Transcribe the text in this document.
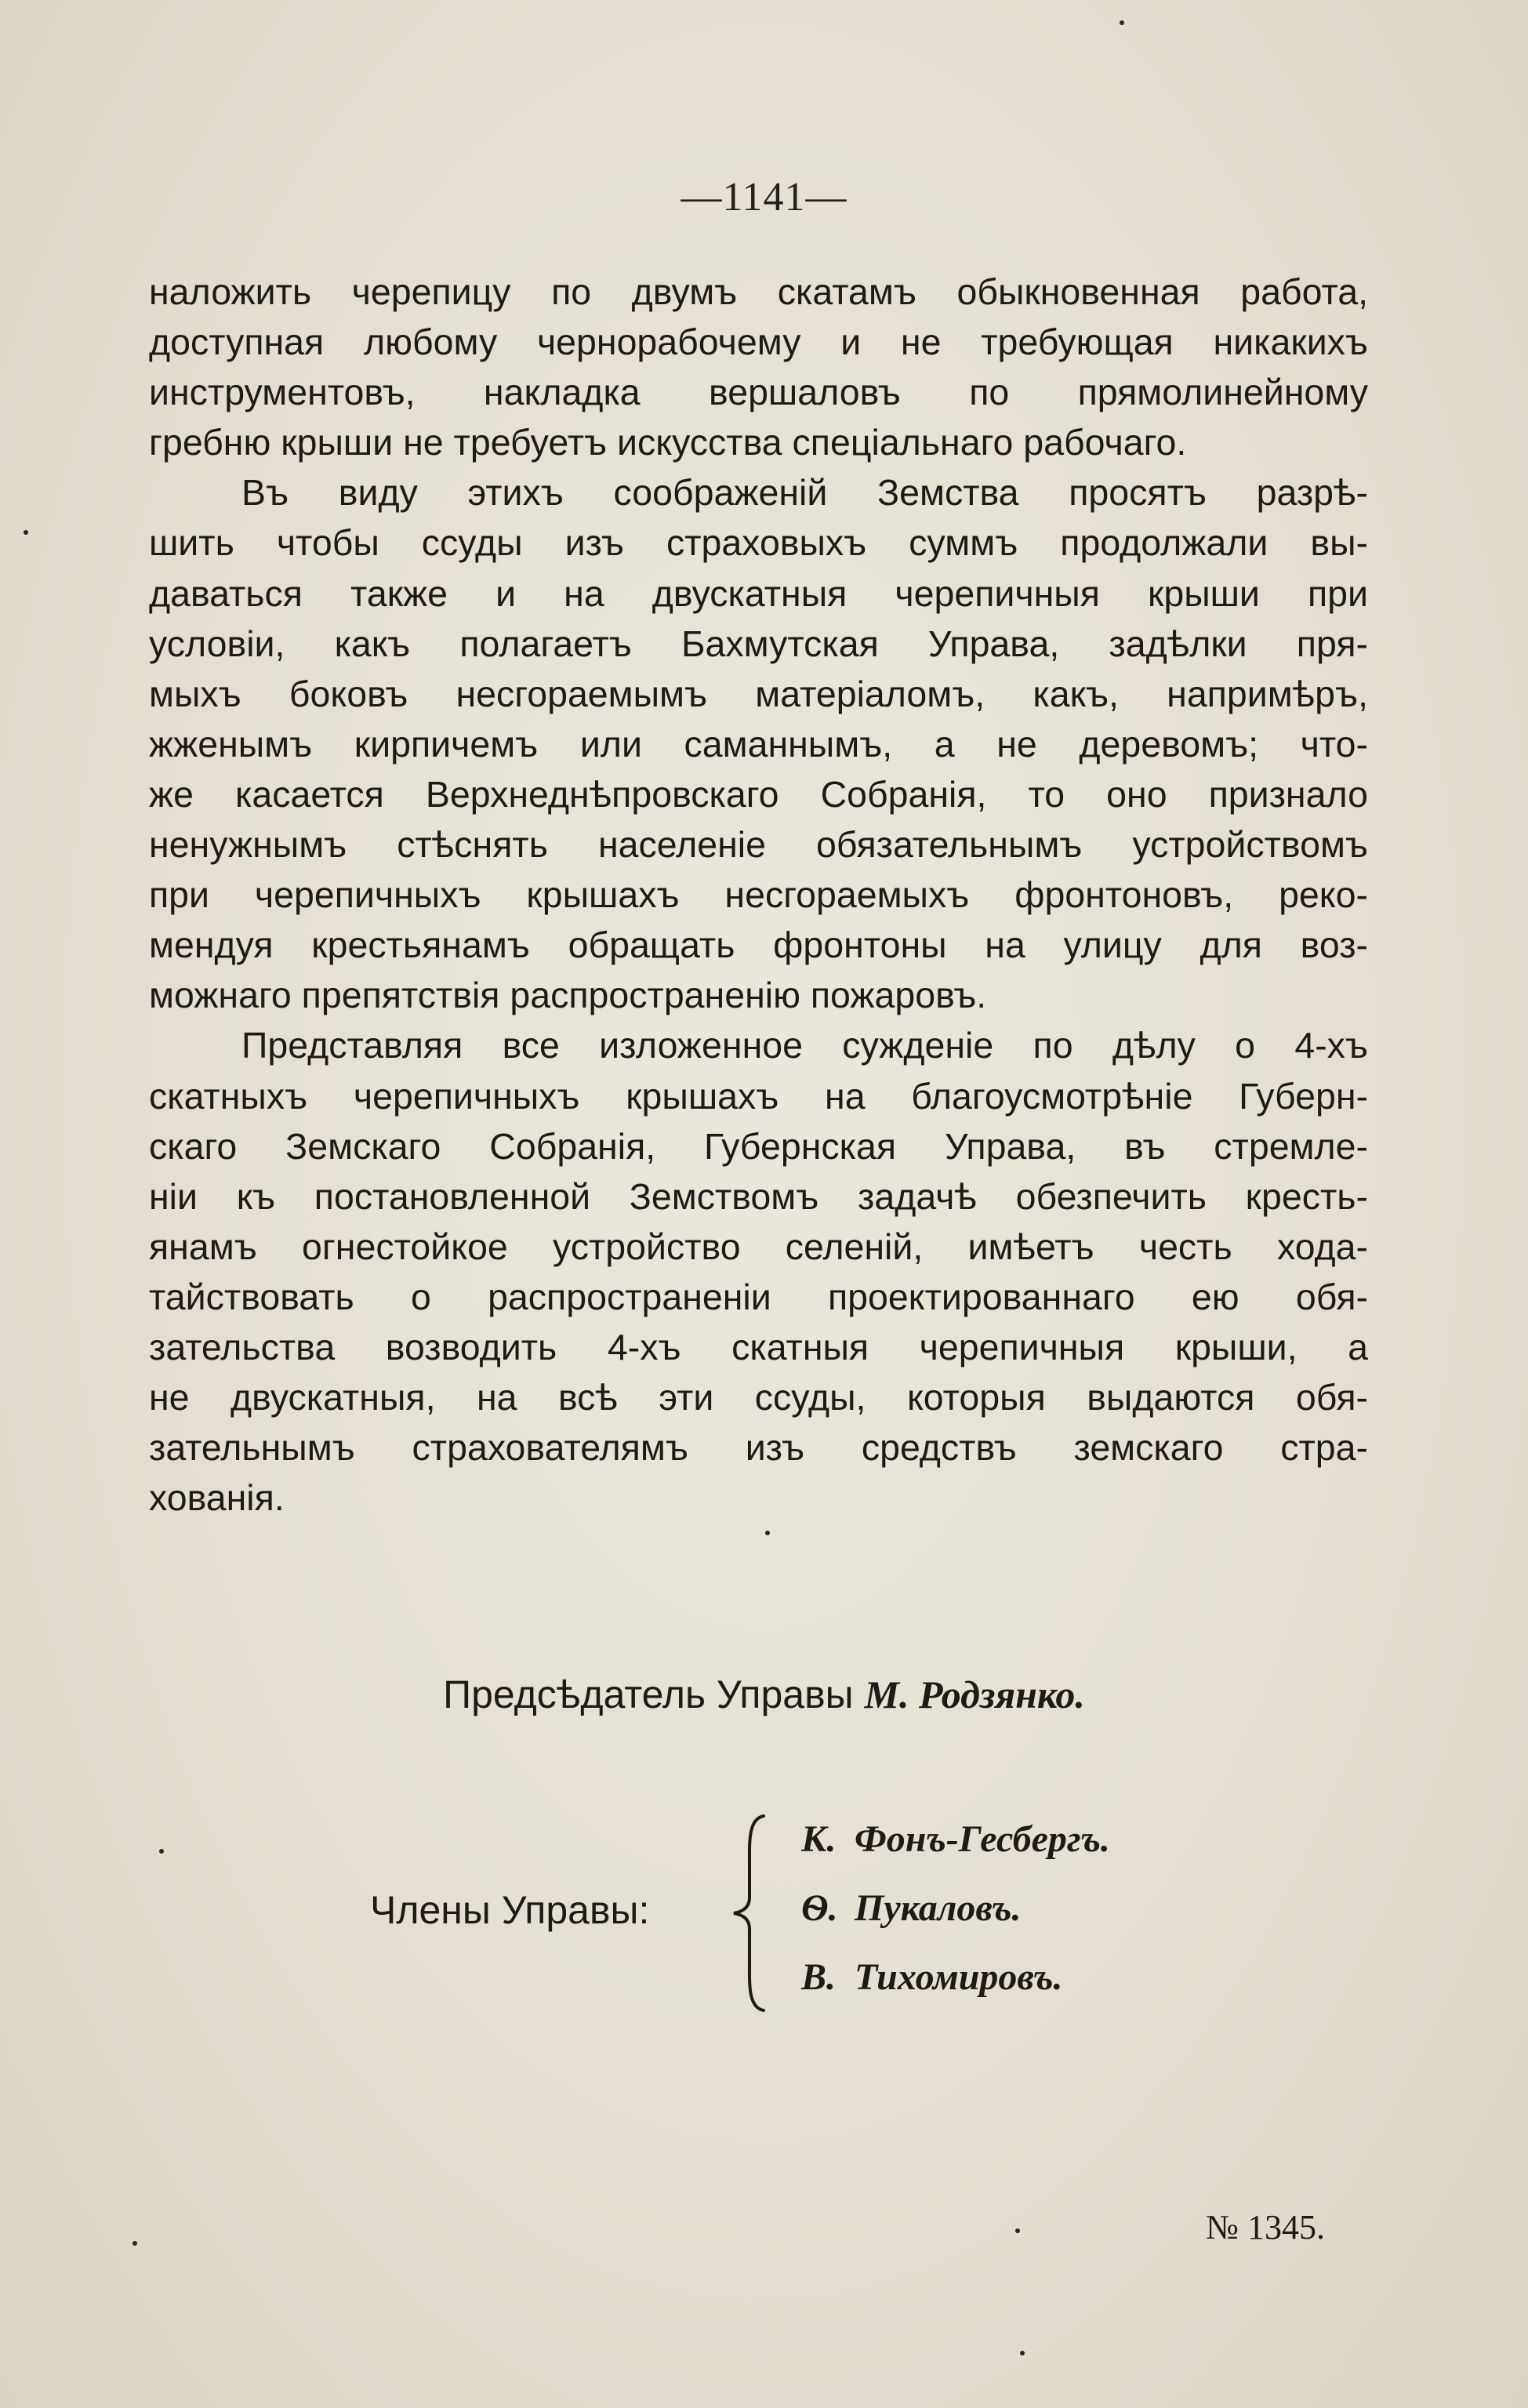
—1141—
наложить черепицу по двумъ скатамъ обыкновенная работа,
доступная любому чернорабочему и не требующая никакихъ
инструментовъ, накладка вершаловъ по прямолинейному
гребню крыши не требуетъ искусства спеціальнаго рабочаго.
Въ виду этихъ соображеній Земства просятъ разрѣ-
шить чтобы ссуды изъ страховыхъ суммъ продолжали вы-
даваться также и на двускатныя черепичныя крыши при
условіи, какъ полагаетъ Бахмутская Управа, задѣлки пря-
мыхъ боковъ несгораемымъ матеріаломъ, какъ, напримѣръ,
жженымъ кирпичемъ или саманнымъ, а не деревомъ; что-
же касается Верхнеднѣпровскаго Собранія, то оно признало
ненужнымъ стѣснять населеніе обязательнымъ устройствомъ
при черепичныхъ крышахъ несгораемыхъ фронтоновъ, реко-
мендуя крестьянамъ обращать фронтоны на улицу для воз-
можнаго препятствія распространенію пожаровъ.
Представляя все изложенное сужденіе по дѣлу о 4-хъ
скатныхъ черепичныхъ крышахъ на благоусмотрѣніе Губерн-
скаго Земскаго Собранія, Губернская Управа, въ стремле-
ніи къ постановленной Земствомъ задачѣ обезпечить кресть-
янамъ огнестойкое устройство селеній, имѣетъ честь хода-
тайствовать о распространеніи проектированнаго ею обя-
зательства возводить 4-хъ скатныя черепичныя крыши, а
не двускатныя, на всѣ эти ссуды, которыя выдаются обя-
зательнымъ страхователямъ изъ средствъ земскаго стра-
хованія.
Предсѣдатель Управы М. Родзянко.
Члены Управы:
К. Фонъ-Гесбергъ.
Ѳ. Пукаловъ.
В. Тихомировъ.
№ 1345.
